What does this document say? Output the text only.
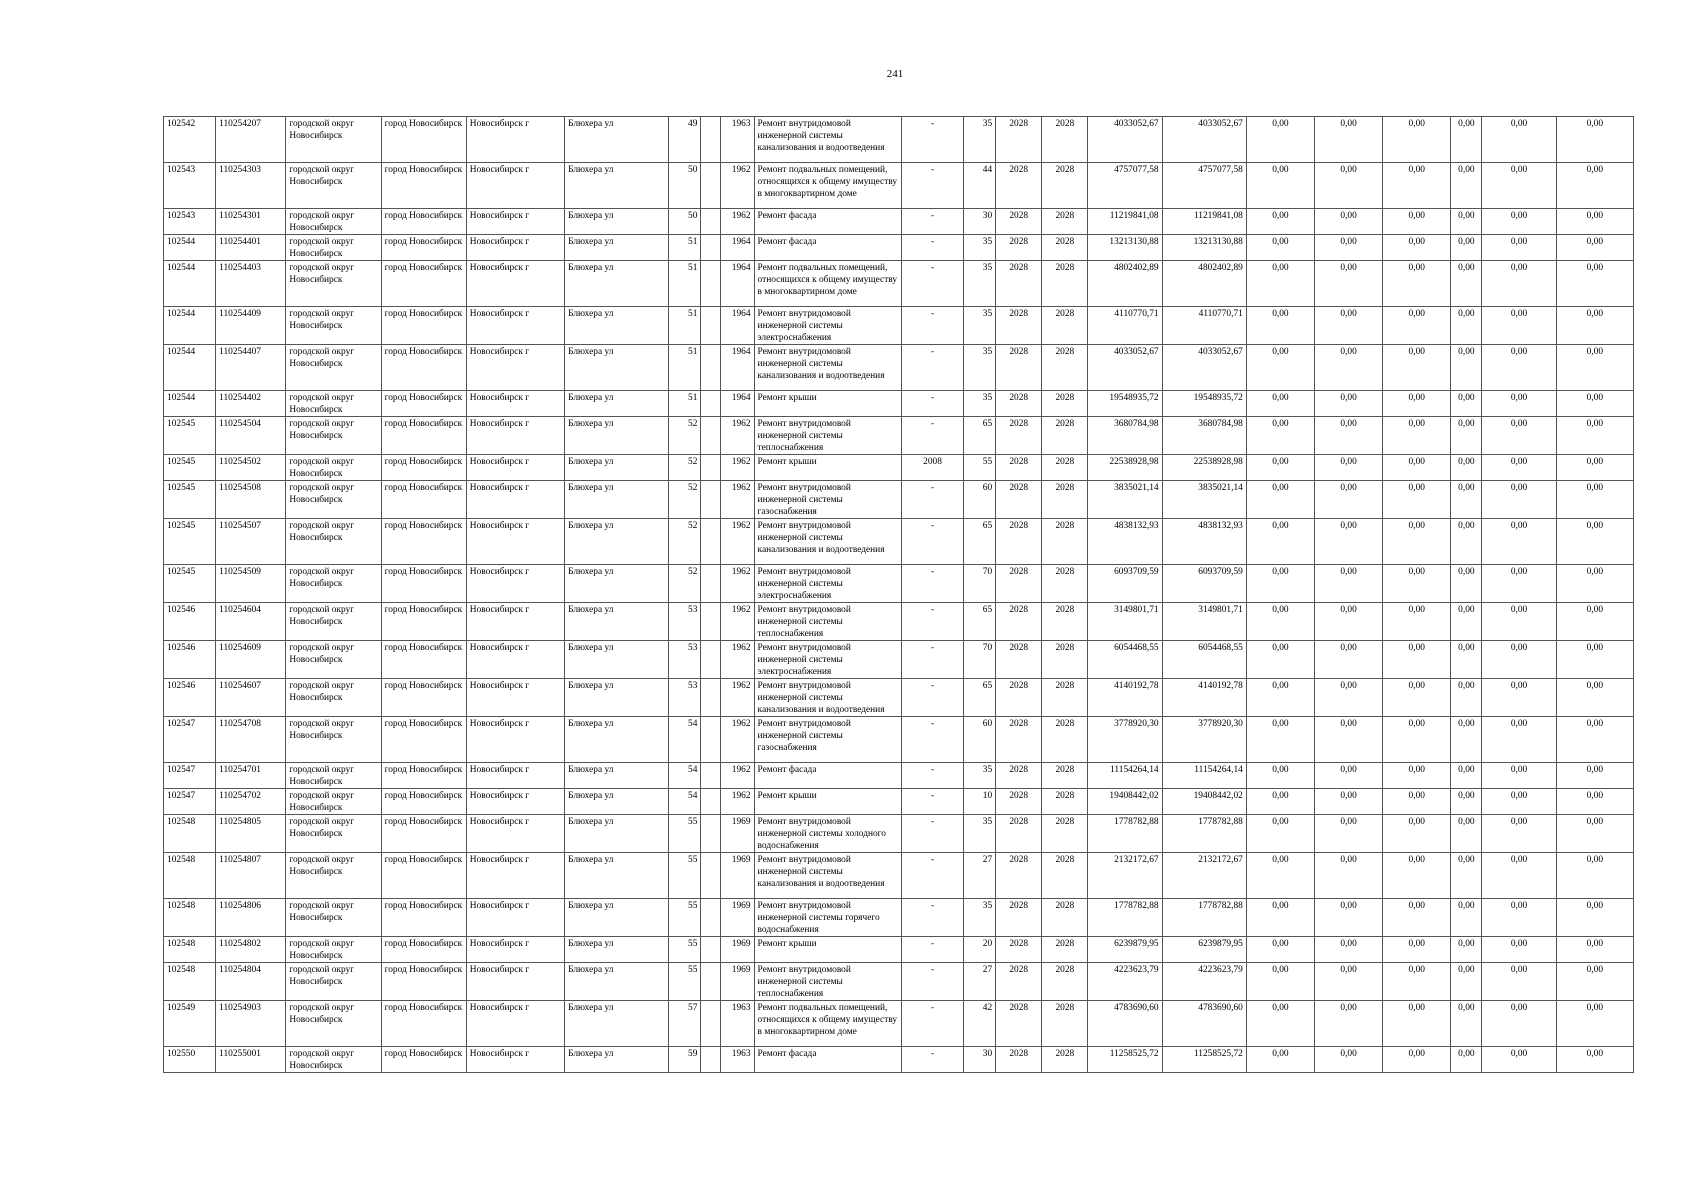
241
102542	110254207	городской округ Новосибирск	город Новосибирск	Новосибирск г	Блюхера ул	49		1963	Ремонт внутридомовой инженерной системы канализования и водоотведения	-	35	2028	2028	4033052,67	4033052,67	0,00	0,00	0,00	0,00	0,00	0,00
102543	110254303	городской округ Новосибирск	город Новосибирск	Новосибирск г	Блюхера ул	50		1962	Ремонт подвальных помещений, относящихся к общему имуществу в многоквартирном доме	-	44	2028	2028	4757077,58	4757077,58	0,00	0,00	0,00	0,00	0,00	0,00
102543	110254301	городской округ Новосибирск	город Новосибирск	Новосибирск г	Блюхера ул	50		1962	Ремонт фасада	-	30	2028	2028	11219841,08	11219841,08	0,00	0,00	0,00	0,00	0,00	0,00
102544	110254401	городской округ Новосибирск	город Новосибирск	Новосибирск г	Блюхера ул	51		1964	Ремонт фасада	-	35	2028	2028	13213130,88	13213130,88	0,00	0,00	0,00	0,00	0,00	0,00
102544	110254403	городской округ Новосибирск	город Новосибирск	Новосибирск г	Блюхера ул	51		1964	Ремонт подвальных помещений, относящихся к общему имуществу в многоквартирном доме	-	35	2028	2028	4802402,89	4802402,89	0,00	0,00	0,00	0,00	0,00	0,00
102544	110254409	городской округ Новосибирск	город Новосибирск	Новосибирск г	Блюхера ул	51		1964	Ремонт внутридомовой инженерной системы электроснабжения	-	35	2028	2028	4110770,71	4110770,71	0,00	0,00	0,00	0,00	0,00	0,00
102544	110254407	городской округ Новосибирск	город Новосибирск	Новосибирск г	Блюхера ул	51		1964	Ремонт внутридомовой инженерной системы канализования и водоотведения	-	35	2028	2028	4033052,67	4033052,67	0,00	0,00	0,00	0,00	0,00	0,00
102544	110254402	городской округ Новосибирск	город Новосибирск	Новосибирск г	Блюхера ул	51		1964	Ремонт крыши	-	35	2028	2028	19548935,72	19548935,72	0,00	0,00	0,00	0,00	0,00	0,00
102545	110254504	городской округ Новосибирск	город Новосибирск	Новосибирск г	Блюхера ул	52		1962	Ремонт внутридомовой инженерной системы теплоснабжения	-	65	2028	2028	3680784,98	3680784,98	0,00	0,00	0,00	0,00	0,00	0,00
102545	110254502	городской округ Новосибирск	город Новосибирск	Новосибирск г	Блюхера ул	52		1962	Ремонт крыши	2008	55	2028	2028	22538928,98	22538928,98	0,00	0,00	0,00	0,00	0,00	0,00
102545	110254508	городской округ Новосибирск	город Новосибирск	Новосибирск г	Блюхера ул	52		1962	Ремонт внутридомовой инженерной системы газоснабжения	-	60	2028	2028	3835021,14	3835021,14	0,00	0,00	0,00	0,00	0,00	0,00
102545	110254507	городской округ Новосибирск	город Новосибирск	Новосибирск г	Блюхера ул	52		1962	Ремонт внутридомовой инженерной системы канализования и водоотведения	-	65	2028	2028	4838132,93	4838132,93	0,00	0,00	0,00	0,00	0,00	0,00
102545	110254509	городской округ Новосибирск	город Новосибирск	Новосибирск г	Блюхера ул	52		1962	Ремонт внутридомовой инженерной системы электроснабжения	-	70	2028	2028	6093709,59	6093709,59	0,00	0,00	0,00	0,00	0,00	0,00
102546	110254604	городской округ Новосибирск	город Новосибирск	Новосибирск г	Блюхера ул	53		1962	Ремонт внутридомовой инженерной системы теплоснабжения	-	65	2028	2028	3149801,71	3149801,71	0,00	0,00	0,00	0,00	0,00	0,00
102546	110254609	городской округ Новосибирск	город Новосибирск	Новосибирск г	Блюхера ул	53		1962	Ремонт внутридомовой инженерной системы электроснабжения	-	70	2028	2028	6054468,55	6054468,55	0,00	0,00	0,00	0,00	0,00	0,00
102546	110254607	городской округ Новосибирск	город Новосибирск	Новосибирск г	Блюхера ул	53		1962	Ремонт внутридомовой инженерной системы канализования и водоотведения	-	65	2028	2028	4140192,78	4140192,78	0,00	0,00	0,00	0,00	0,00	0,00
102547	110254708	городской округ Новосибирск	город Новосибирск	Новосибирск г	Блюхера ул	54		1962	Ремонт внутридомовой инженерной системы газоснабжения	-	60	2028	2028	3778920,30	3778920,30	0,00	0,00	0,00	0,00	0,00	0,00
102547	110254701	городской округ Новосибирск	город Новосибирск	Новосибирск г	Блюхера ул	54		1962	Ремонт фасада	-	35	2028	2028	11154264,14	11154264,14	0,00	0,00	0,00	0,00	0,00	0,00
102547	110254702	городской округ Новосибирск	город Новосибирск	Новосибирск г	Блюхера ул	54		1962	Ремонт крыши	-	10	2028	2028	19408442,02	19408442,02	0,00	0,00	0,00	0,00	0,00	0,00
102548	110254805	городской округ Новосибирск	город Новосибирск	Новосибирск г	Блюхера ул	55		1969	Ремонт внутридомовой инженерной системы холодного водоснабжения	-	35	2028	2028	1778782,88	1778782,88	0,00	0,00	0,00	0,00	0,00	0,00
102548	110254807	городской округ Новосибирск	город Новосибирск	Новосибирск г	Блюхера ул	55		1969	Ремонт внутридомовой инженерной системы канализования и водоотведения	-	27	2028	2028	2132172,67	2132172,67	0,00	0,00	0,00	0,00	0,00	0,00
102548	110254806	городской округ Новосибирск	город Новосибирск	Новосибирск г	Блюхера ул	55		1969	Ремонт внутридомовой инженерной системы горячего водоснабжения	-	35	2028	2028	1778782,88	1778782,88	0,00	0,00	0,00	0,00	0,00	0,00
102548	110254802	городской округ Новосибирск	город Новосибирск	Новосибирск г	Блюхера ул	55		1969	Ремонт крыши	-	20	2028	2028	6239879,95	6239879,95	0,00	0,00	0,00	0,00	0,00	0,00
102548	110254804	городской округ Новосибирск	город Новосибирск	Новосибирск г	Блюхера ул	55		1969	Ремонт внутридомовой инженерной системы теплоснабжения	-	27	2028	2028	4223623,79	4223623,79	0,00	0,00	0,00	0,00	0,00	0,00
102549	110254903	городской округ Новосибирск	город Новосибирск	Новосибирск г	Блюхера ул	57		1963	Ремонт подвальных помещений, относящихся к общему имуществу в многоквартирном доме	-	42	2028	2028	4783690,60	4783690,60	0,00	0,00	0,00	0,00	0,00	0,00
102550	110255001	городской округ Новосибирск	город Новосибирск	Новосибирск г	Блюхера ул	59		1963	Ремонт фасада	-	30	2028	2028	11258525,72	11258525,72	0,00	0,00	0,00	0,00	0,00	0,00
